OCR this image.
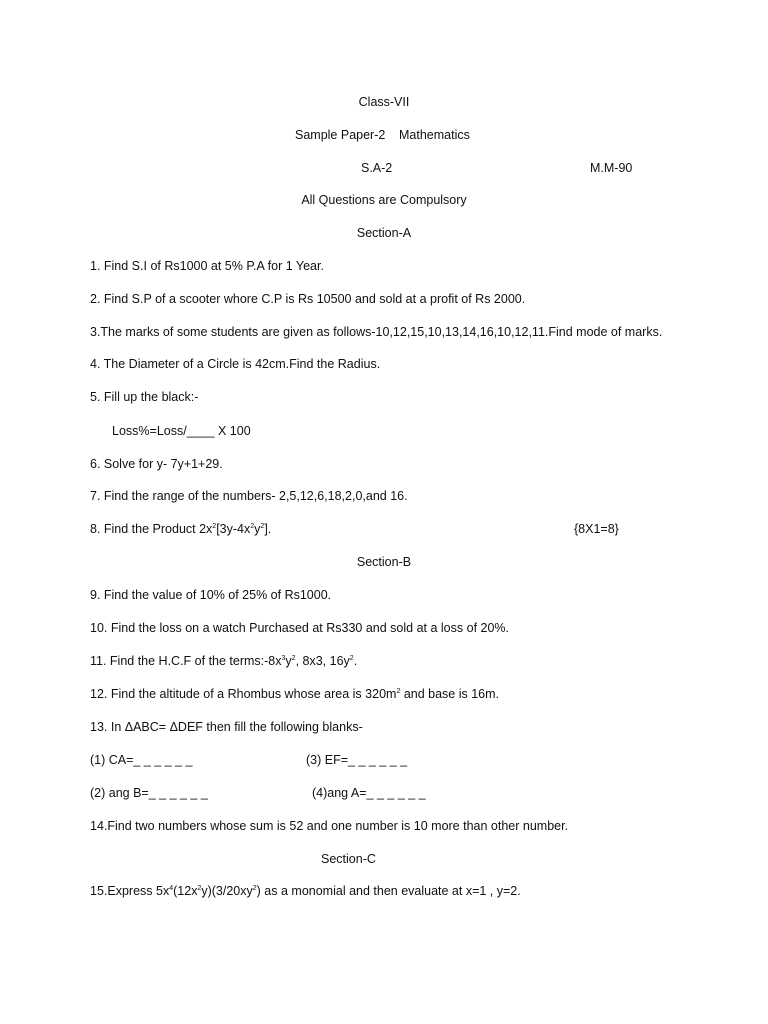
Class-VII
Sample Paper-2 Mathematics
S.A-2	M.M-90
All Questions are Compulsory
Section-A
1. Find S.I of Rs1000 at 5% P.A for 1 Year.
2. Find S.P of a scooter whore C.P is Rs 10500 and sold at a profit of Rs 2000.
3.The marks of some students are given as follows-10,12,15,10,13,14,16,10,12,11.Find mode of marks.
4. The Diameter of a Circle is 42cm.Find the Radius.
5. Fill up the black:-
Loss%=Loss/____ X 100
6. Solve for y- 7y+1+29.
7. Find the range of the numbers- 2,5,12,6,18,2,0,and 16.
8. Find the Product $2x^2[3y-4x^2y^2]$.	{8X1=8}
Section-B
9. Find the value of 10% of 25% of Rs1000.
10. Find the loss on a watch Purchased at Rs330 and sold at a loss of 20%.
11. Find the H.C.F of the $terms:-8x^3y^2$, 8x3, $16y^2$.
12. Find the altitude of a Rhombus whose area is $320m^2$ and base is 16m.
13. In ΔABC= ΔDEF then fill the following blanks-
(1) CA=_ _ _ _ _ _	(3) EF=_ _ _ _ _ _
(2) ang B=_ _ _ _ _ _	(4)ang A=_ _ _ _ _ _
14.Find two numbers whose sum is 52 and one number is 10 more than other number.
Section-C
15.Express $5x^4(12x^2y)(3/20xy^2)$ as a monomial and then evaluate at x=1 , y=2.
